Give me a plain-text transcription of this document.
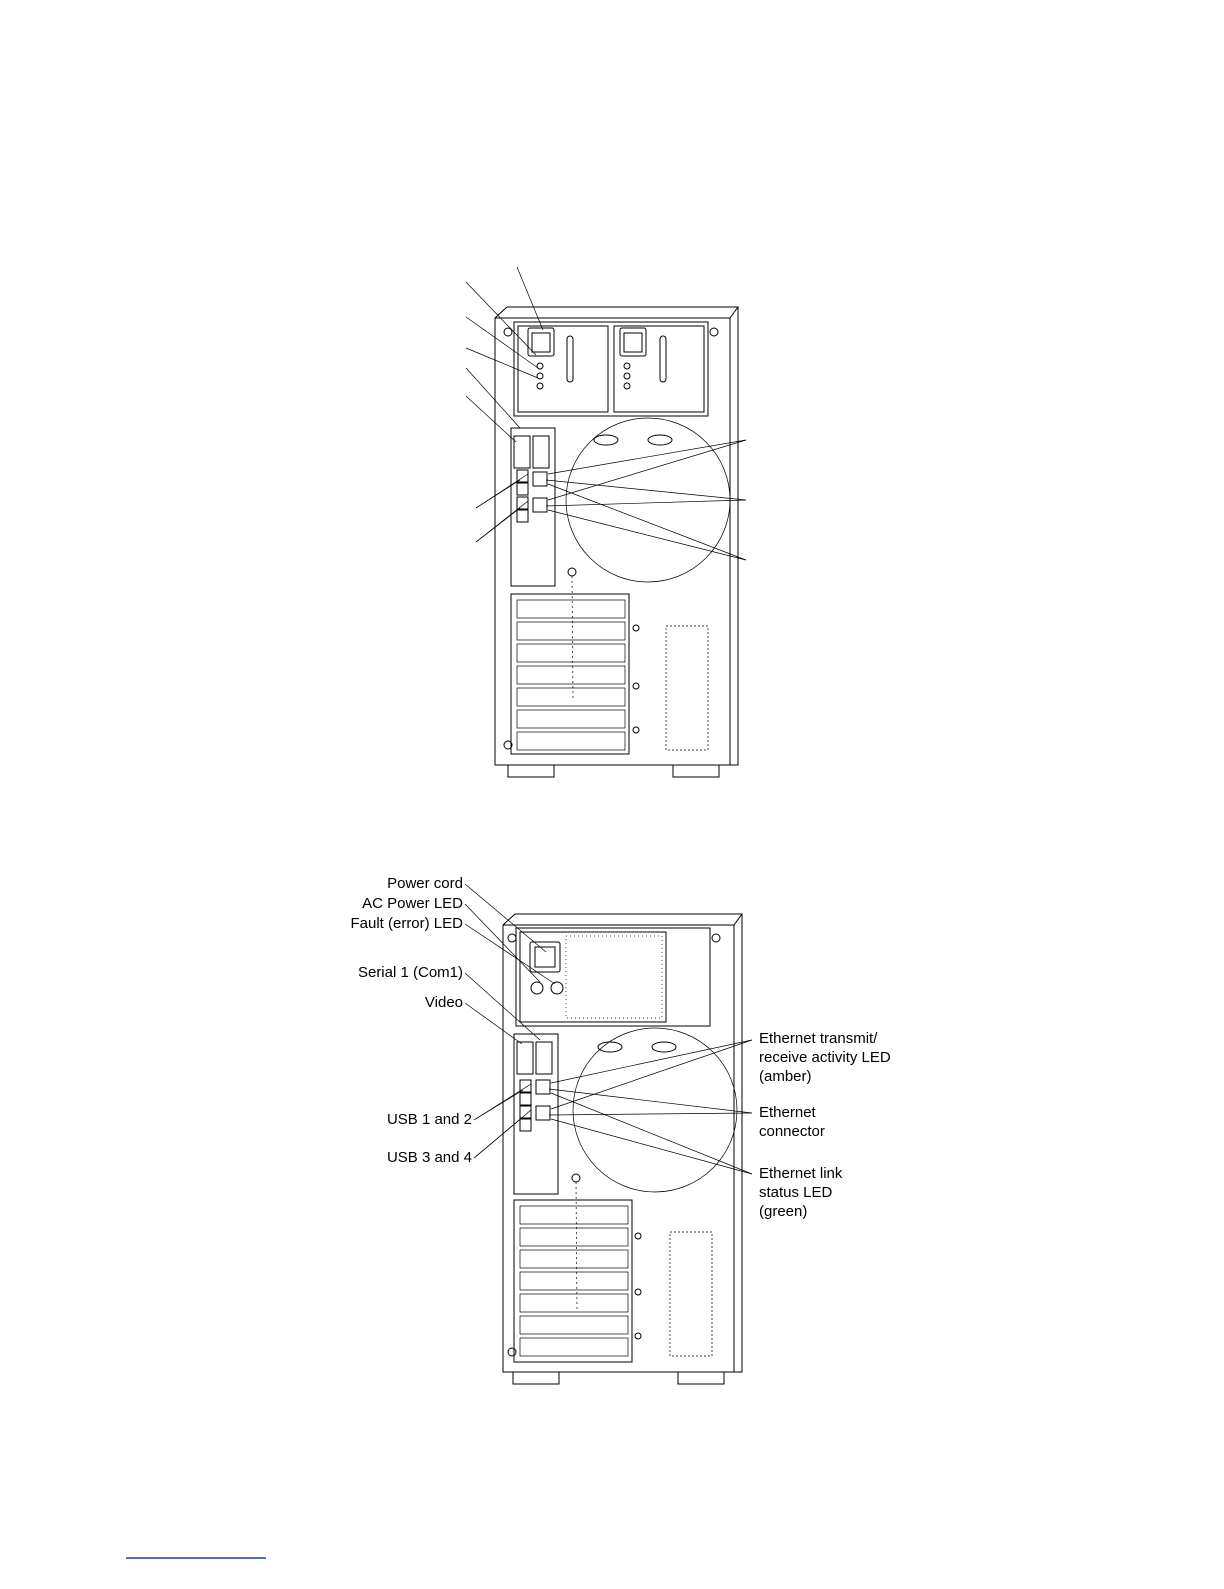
Power cord
AC Power LED
Fault (error) LED
Serial 1 (Com1)
Video
USB 1 and 2
USB 3 and 4
Ethernet transmit/
receive activity LED
(amber)
Ethernet
connector
Ethernet link
status LED
(green)
